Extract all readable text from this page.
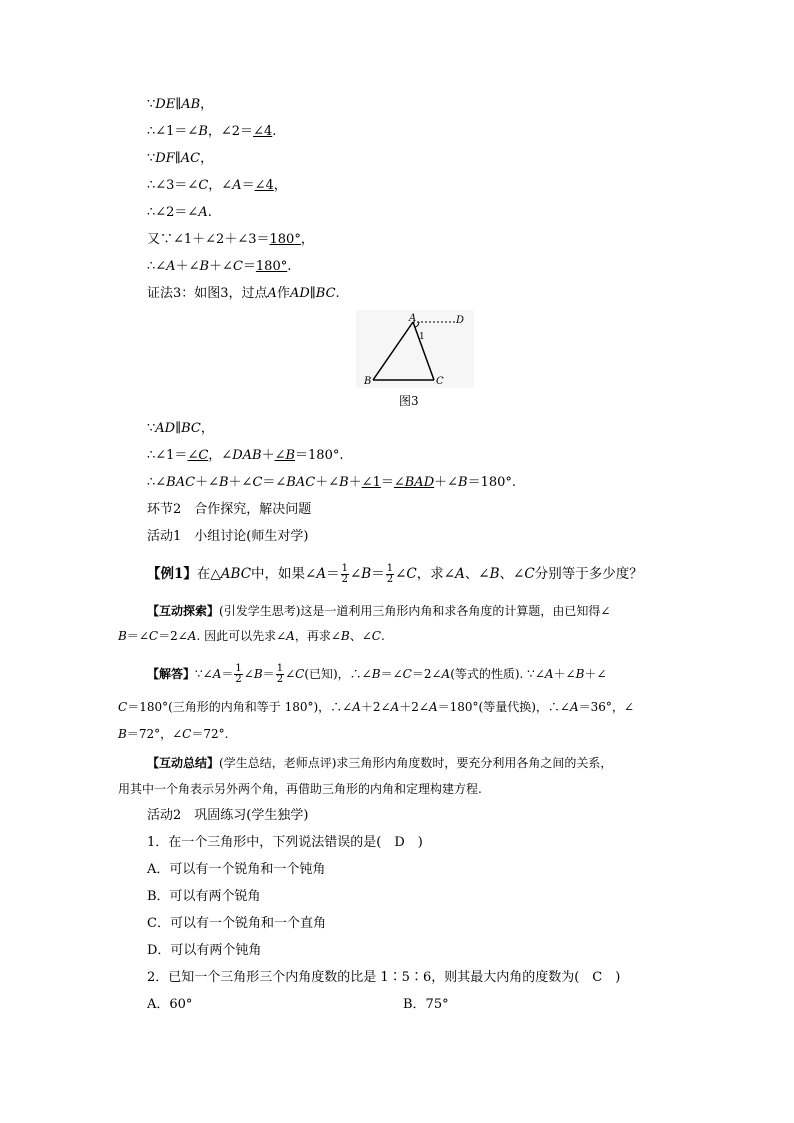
∵DE∥AB，
∴∠1＝∠B，∠2＝∠4.
∵DF∥AC，
∴∠3＝∠C，∠A＝∠4，
∴∠2＝∠A.
又∵∠1＋∠2＋∠3＝180°，
∴∠A＋∠B＋∠C＝180°.
证法3：如图3，过点A作AD∥BC.
A
B	C
D
1
图3
∵AD∥BC，
∴∠1＝∠C，∠DAB＋∠B＝180°.
∴∠BAC＋∠B＋∠C＝∠BAC＋∠B＋∠1＝∠BAD＋∠B＝180°.
环节2　 合作探究，解决问题
活动1　 小组讨论(师生对学)
【例1】在△ABC中，如果∠A＝ $\frac{1}{2}$ ∠B＝ $\frac{1}{2}$ ∠C，求∠A、∠B、∠C分别等于多少度？
【互动探索】(引发学生思考)这是一道利用三角形内角和求各角度的计算题，由已知得∠
B＝∠C＝2∠A. 因此可以先求∠A，再求∠B、∠C.
【解答】∵∠A＝ $\frac{1}{2}$ ∠B＝ $\frac{1}{2}$ ∠C(已知)，∴∠B＝∠C＝2∠A(等式的性质). ∵∠A＋∠B＋∠
C＝180°(三角形的内角和等于 180°)，∴∠A＋2∠A＋2∠A＝180°(等量代换)，∴∠A＝36°，∠
B＝72°，∠C＝72°.
【互动总结】(学生总结，老师点评)求三角形内角度数时，要充分利用各角之间的关系，
用其中一个角表示另外两个角，再借助三角形的内角和定理构建方程.
活动2　 巩固练习(学生独学)
1．在一个三角形中，下列说法错误的是(　D　)
A．可以有一个锐角和一个钝角
B．可以有两个锐角
C．可以有一个锐角和一个直角
D．可以有两个钝角
2．已知一个三角形三个内角度数的比是 1∶5∶6，则其最大内角的度数为(　C　)
A．60°	B．75°
